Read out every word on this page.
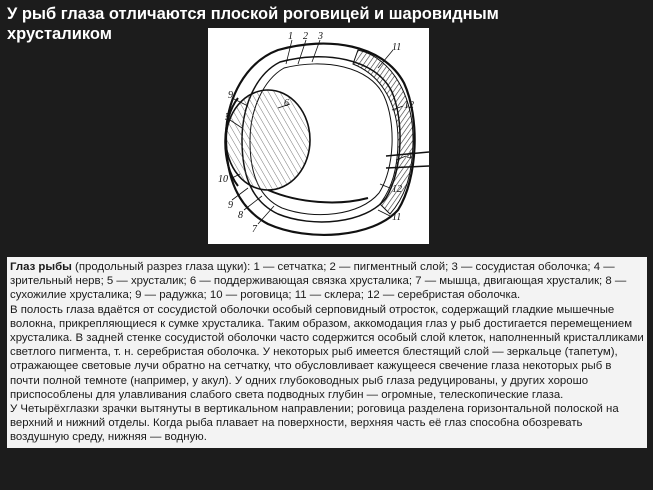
У рыб глаза отличаются плоской роговицей и шаровидным хрусталиком	1 2 3
11
9
6
5
12
4
12
11
10
9
8
7

Глаз рыбы (продольный разрез глаза щуки): 1 — сетчатка; 2 — пигментный слой; 3 — сосудистая оболочка; 4 — зрительный нерв; 5 — хрусталик; 6 — поддерживающая связка хрусталика; 7 — мышца, двигающая хрусталик; 8 — сухожилие хрусталика; 9 — радужка; 10 — роговица; 11 — склера; 12 — серебристая оболочка.

В полость глаза вдаётся от сосудистой оболочки особый серповидный отросток, содержащий гладкие мышечные волокна, прикрепляющиеся к сумке хрусталика. Таким образом, аккомодация глаз у рыб достигается перемещением хрусталика. В задней стенке сосудистой оболочки часто содержится особый слой клеток, наполненный кристалликами светлого пигмента, т. н. серебристая оболочка. У некоторых рыб имеется блестящий слой — зеркальце (тапетум), отражающее световые лучи обратно на сетчатку, что обусловливает кажущееся свечение глаза некоторых рыб в почти полной темноте (например, у акул). У одних глубоководных рыб глаза редуцированы, у других хорошо приспособлены для улавливания слабого света подводных глубин — огромные, телескопические глаза.

У Четырёхглазки зрачки вытянуты в вертикальном направлении; роговица разделена горизонтальной полоской на верхний и нижний отделы. Когда рыба плавает на поверхности, верхняя часть её глаз способна обозревать воздушную среду, нижняя — водную.
